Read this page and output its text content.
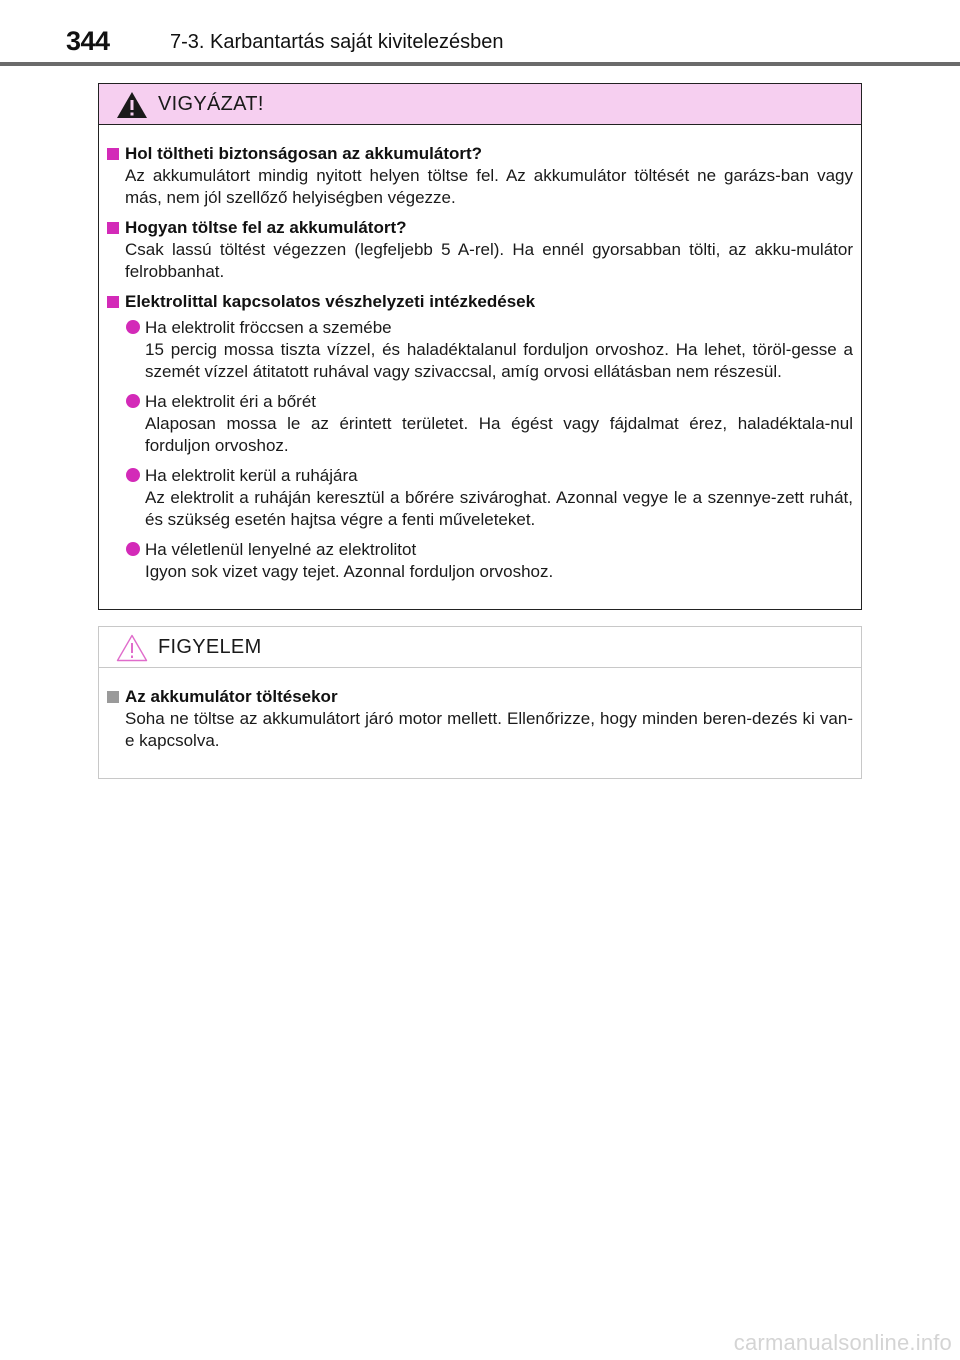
344	7-3. Karbantartás saját kivitelezésben
VIGYÁZAT!
Hol töltheti biztonságosan az akkumulátort?
Az akkumulátort mindig nyitott helyen töltse fel. Az akkumulátor töltését ne garázs-ban vagy más, nem jól szellőző helyiségben végezze.
Hogyan töltse fel az akkumulátort?
Csak lassú töltést végezzen (legfeljebb 5 A-rel). Ha ennél gyorsabban tölti, az akku-mulátor felrobbanhat.
Elektrolittal kapcsolatos vészhelyzeti intézkedések
Ha elektrolit fröccsen a szemébe
15 percig mossa tiszta vízzel, és haladéktalanul forduljon orvoshoz. Ha lehet, töröl-gesse a szemét vízzel átitatott ruhával vagy szivaccsal, amíg orvosi ellátásban nem részesül.
Ha elektrolit éri a bőrét
Alaposan mossa le az érintett területet. Ha égést vagy fájdalmat érez, haladéktala-nul forduljon orvoshoz.
Ha elektrolit kerül a ruhájára
Az elektrolit a ruháján keresztül a bőrére szivároghat. Azonnal vegye le a szennye-zett ruhát, és szükség esetén hajtsa végre a fenti műveleteket.
Ha véletlenül lenyelné az elektrolitot
Igyon sok vizet vagy tejet. Azonnal forduljon orvoshoz.
FIGYELEM
Az akkumulátor töltésekor
Soha ne töltse az akkumulátort járó motor mellett. Ellenőrizze, hogy minden beren-dezés ki van-e kapcsolva.
carmanualsonline.info
